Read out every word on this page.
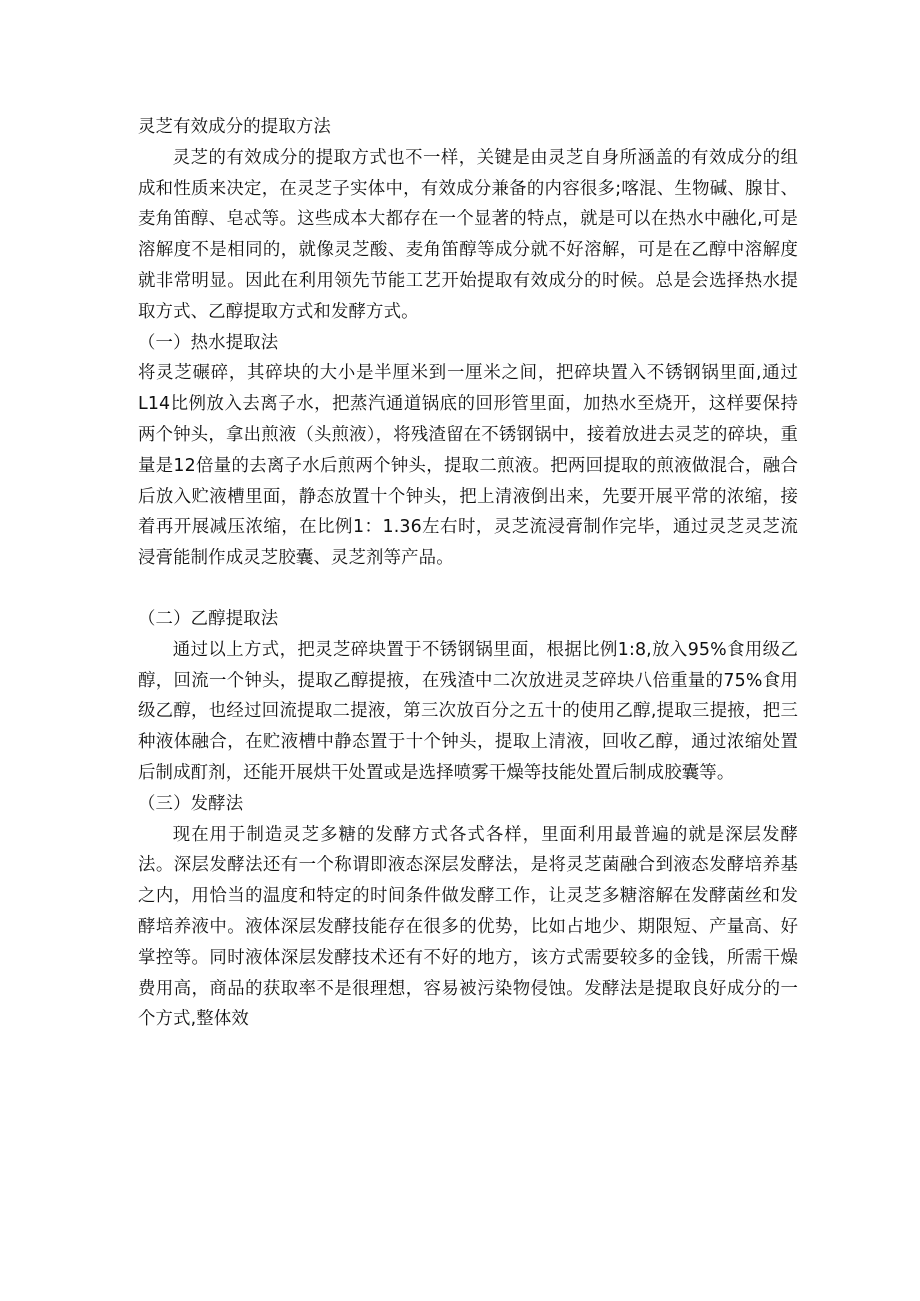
灵芝有效成分的提取方法

灵芝的有效成分的提取方式也不一样，关键是由灵芝自身所涵盖的有效成分的组成和性质来决定，在灵芝子实体中，有效成分兼备的内容很多;喀混、生物碱、腺甘、麦角笛醇、皂忒等。这些成本大都存在一个显著的特点，就是可以在热水中融化,可是溶解度不是相同的，就像灵芝酸、麦角笛醇等成分就不好溶解，可是在乙醇中溶解度就非常明显。因此在利用领先节能工艺开始提取有效成分的时候。总是会选择热水提取方式、乙醇提取方式和发酵方式。

（一）热水提取法

将灵芝碾碎，其碎块的大小是半厘米到一厘米之间，把碎块置入不锈钢锅里面,通过L14比例放入去离子水，把蒸汽通道锅底的回形管里面，加热水至烧开，这样要保持两个钟头，拿出煎液（头煎液），将残渣留在不锈钢锅中，接着放进去灵芝的碎块，重量是12倍量的去离子水后煎两个钟头，提取二煎液。把两回提取的煎液做混合，融合后放入贮液槽里面，静态放置十个钟头，把上清液倒出来，先要开展平常的浓缩，接着再开展减压浓缩，在比例1：1.36左右时，灵芝流浸膏制作完毕，通过灵芝灵芝流浸膏能制作成灵芝胶囊、灵芝剂等产品。

（二）乙醇提取法

通过以上方式，把灵芝碎块置于不锈钢锅里面，根据比例1:8,放入95%食用级乙醇，回流一个钟头，提取乙醇提掖，在残渣中二次放进灵芝碎块八倍重量的75%食用级乙醇，也经过回流提取二提液，第三次放百分之五十的使用乙醇,提取三提掖，把三种液体融合，在贮液槽中静态置于十个钟头，提取上清液，回收乙醇，通过浓缩处置后制成酊剂，还能开展烘干处置或是选择喷雾干燥等技能处置后制成胶囊等。

（三）发酵法

现在用于制造灵芝多糖的发酵方式各式各样，里面利用最普遍的就是深层发酵法。深层发酵法还有一个称谓即液态深层发酵法，是将灵芝菌融合到液态发酵培养基之内，用恰当的温度和特定的时间条件做发酵工作，让灵芝多糖溶解在发酵菌丝和发酵培养液中。液体深层发酵技能存在很多的优势，比如占地少、期限短、产量高、好掌控等。同时液体深层发酵技术还有不好的地方，该方式需要较多的金钱，所需干燥费用高，商品的获取率不是很理想，容易被污染物侵蚀。发酵法是提取良好成分的一个方式,整体效
